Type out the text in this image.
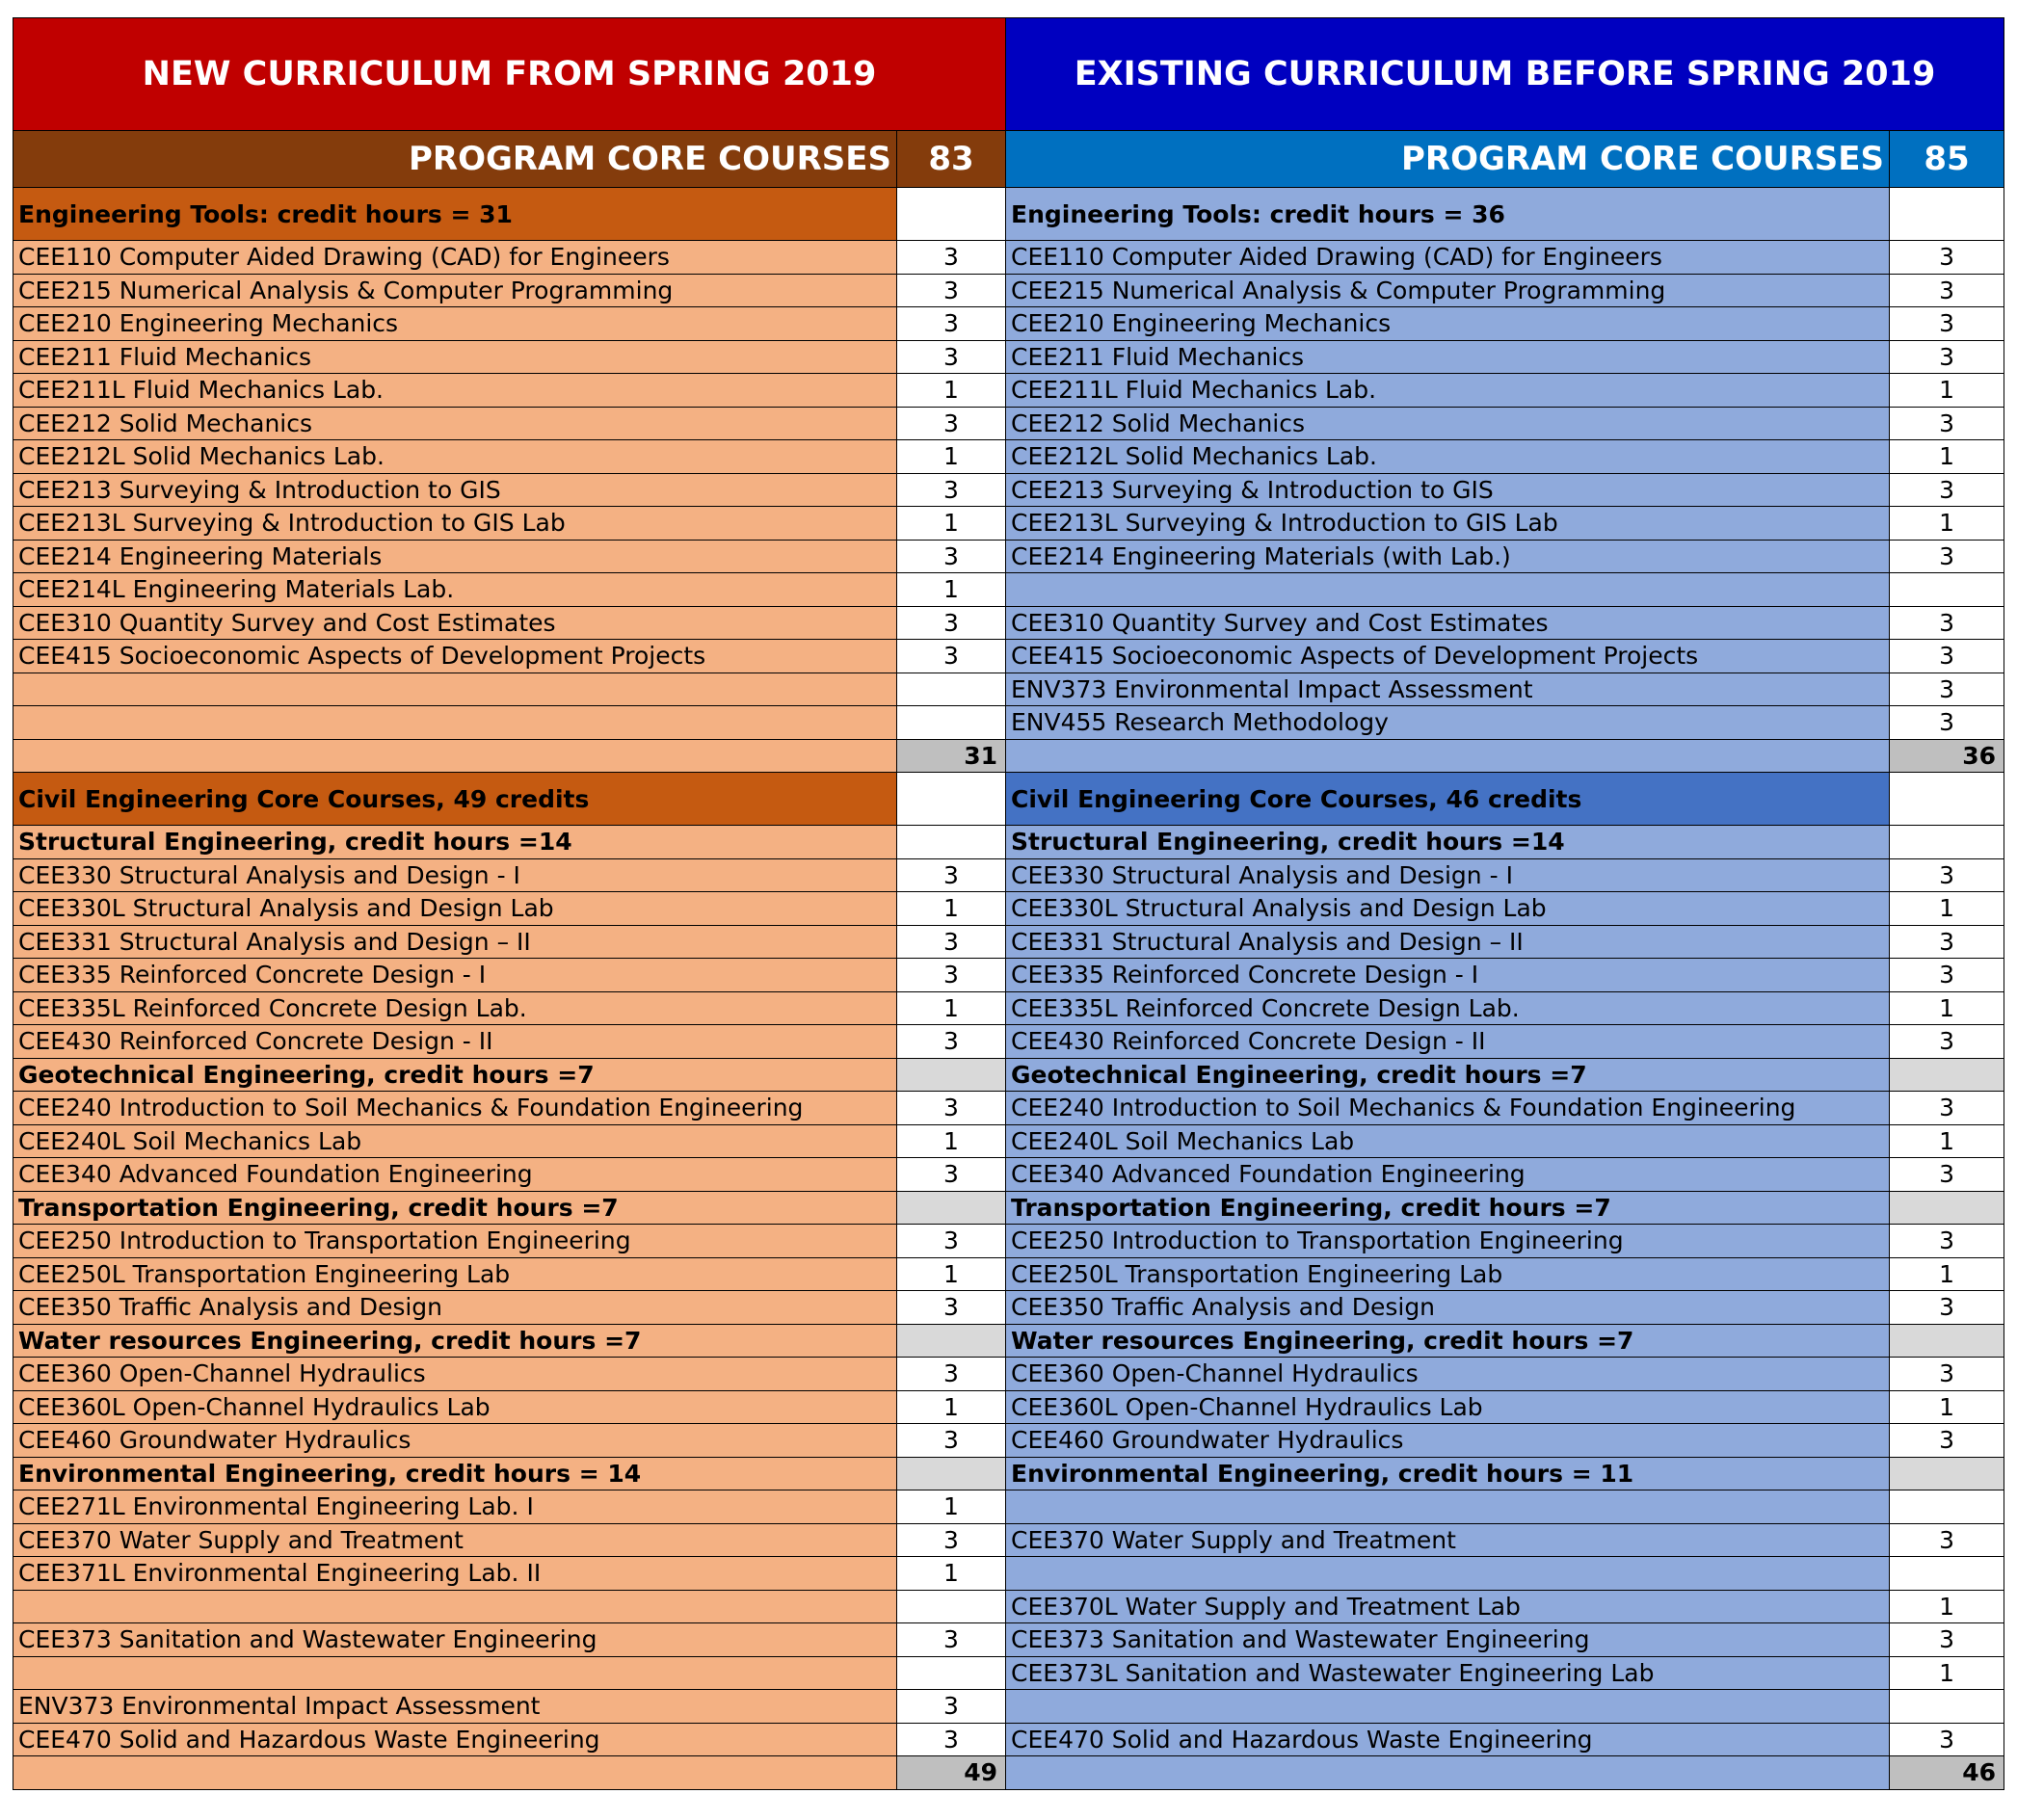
NEW CURRICULUM FROM SPRING 2019		EXISTING CURRICULUM BEFORE SPRING 2019	
PROGRAM CORE COURSES	83	PROGRAM CORE COURSES	85
Engineering Tools: credit hours = 31		Engineering Tools: credit hours = 36	
CEE110 Computer Aided Drawing (CAD) for Engineers	3	CEE110 Computer Aided Drawing (CAD) for Engineers	3
CEE215 Numerical Analysis & Computer Programming	3	CEE215 Numerical Analysis & Computer Programming	3
CEE210 Engineering Mechanics	3	CEE210 Engineering Mechanics	3
CEE211 Fluid Mechanics	3	CEE211 Fluid Mechanics	3
CEE211L Fluid Mechanics Lab.	1	CEE211L Fluid Mechanics Lab.	1
CEE212 Solid Mechanics	3	CEE212 Solid Mechanics	3
CEE212L Solid Mechanics Lab.	1	CEE212L Solid Mechanics Lab.	1
CEE213 Surveying & Introduction to GIS	3	CEE213 Surveying & Introduction to GIS	3
CEE213L Surveying & Introduction to GIS Lab	1	CEE213L Surveying & Introduction to GIS Lab	1
CEE214 Engineering Materials	3	CEE214 Engineering Materials (with Lab.)	3
CEE214L Engineering Materials Lab.	1		
CEE310 Quantity Survey and Cost Estimates	3	CEE310 Quantity Survey and Cost Estimates	3
CEE415 Socioeconomic Aspects of Development Projects	3	CEE415 Socioeconomic Aspects of Development Projects	3
		ENV373 Environmental Impact Assessment	3
		ENV455 Research Methodology	3
	31		36
Civil Engineering Core Courses, 49 credits		Civil Engineering Core Courses, 46 credits	
Structural Engineering, credit hours =14		Structural Engineering, credit hours =14	
CEE330 Structural Analysis and Design - I	3	CEE330 Structural Analysis and Design - I	3
CEE330L Structural Analysis and Design Lab	1	CEE330L Structural Analysis and Design Lab	1
CEE331 Structural Analysis and Design – II	3	CEE331 Structural Analysis and Design – II	3
CEE335 Reinforced Concrete Design - I	3	CEE335 Reinforced Concrete Design - I	3
CEE335L Reinforced Concrete Design Lab.	1	CEE335L Reinforced Concrete Design Lab.	1
CEE430 Reinforced Concrete Design - II	3	CEE430 Reinforced Concrete Design - II	3
Geotechnical Engineering, credit hours =7		Geotechnical Engineering, credit hours =7	
CEE240 Introduction to Soil Mechanics & Foundation Engineering	3	CEE240 Introduction to Soil Mechanics & Foundation Engineering	3
CEE240L Soil Mechanics Lab	1	CEE240L Soil Mechanics Lab	1
CEE340 Advanced Foundation Engineering	3	CEE340 Advanced Foundation Engineering	3
Transportation Engineering, credit hours =7		Transportation Engineering, credit hours =7	
CEE250 Introduction to Transportation Engineering	3	CEE250 Introduction to Transportation Engineering	3
CEE250L Transportation Engineering Lab	1	CEE250L Transportation Engineering Lab	1
CEE350 Traffic Analysis and Design	3	CEE350 Traffic Analysis and Design	3
Water resources Engineering, credit hours =7		Water resources Engineering, credit hours =7	
CEE360 Open-Channel Hydraulics	3	CEE360 Open-Channel Hydraulics	3
CEE360L Open-Channel Hydraulics Lab	1	CEE360L Open-Channel Hydraulics Lab	1
CEE460 Groundwater Hydraulics	3	CEE460 Groundwater Hydraulics	3
Environmental Engineering, credit hours = 14		Environmental Engineering, credit hours = 11	
CEE271L Environmental Engineering Lab. I	1		
CEE370 Water Supply and Treatment	3	CEE370 Water Supply and Treatment	3
CEE371L Environmental Engineering Lab. II	1		
		CEE370L Water Supply and Treatment Lab	1
CEE373 Sanitation and Wastewater Engineering	3	CEE373 Sanitation and Wastewater Engineering	3
		CEE373L Sanitation and Wastewater Engineering Lab	1
ENV373 Environmental Impact Assessment	3		
CEE470 Solid and Hazardous Waste Engineering	3	CEE470 Solid and Hazardous Waste Engineering	3
	49		46
